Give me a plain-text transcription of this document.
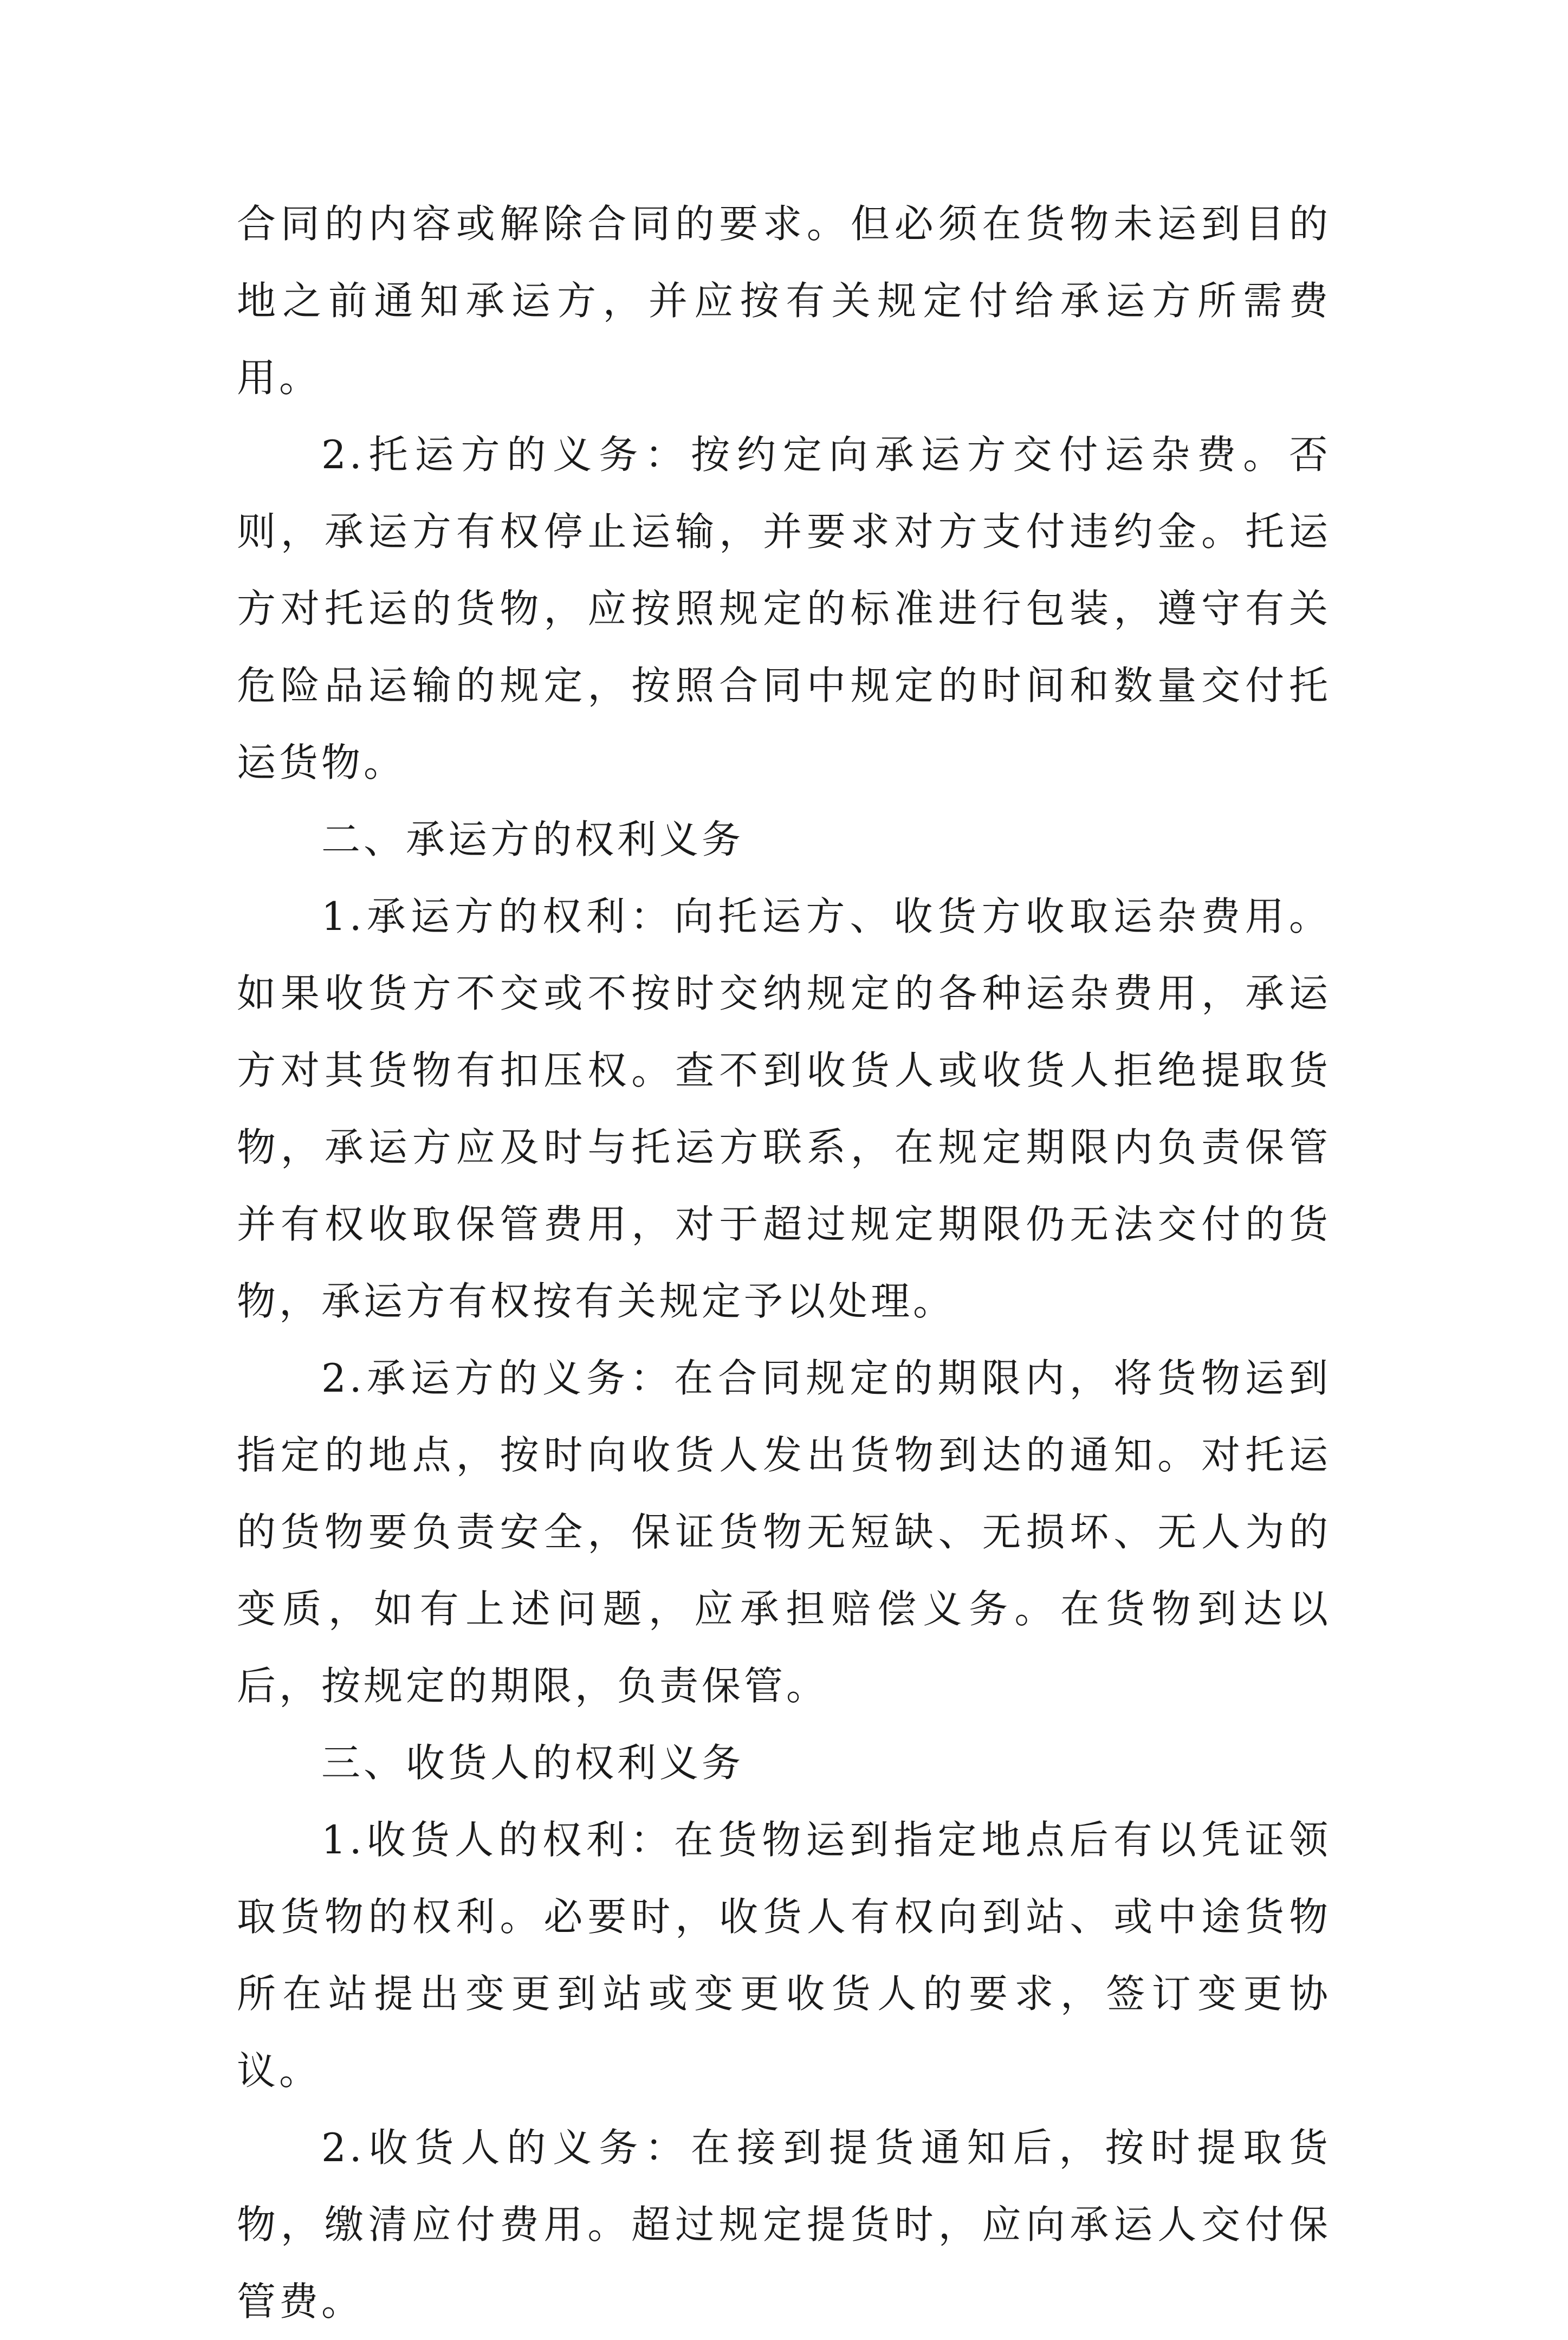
合同的内容或解除合同的要求。但必须在货物未运到目的地之前通知承运方，并应按有关规定付给承运方所需费用。

2.托运方的义务：按约定向承运方交付运杂费。否则，承运方有权停止运输，并要求对方支付违约金。托运方对托运的货物，应按照规定的标准进行包装，遵守有关危险品运输的规定，按照合同中规定的时间和数量交付托运货物。

二、承运方的权利义务

1.承运方的权利：向托运方、收货方收取运杂费用。如果收货方不交或不按时交纳规定的各种运杂费用，承运方对其货物有扣压权。查不到收货人或收货人拒绝提取货物，承运方应及时与托运方联系，在规定期限内负责保管并有权收取保管费用，对于超过规定期限仍无法交付的货物，承运方有权按有关规定予以处理。

2.承运方的义务：在合同规定的期限内，将货物运到指定的地点，按时向收货人发出货物到达的通知。对托运的货物要负责安全，保证货物无短缺、无损坏、无人为的变质，如有上述问题，应承担赔偿义务。在货物到达以后，按规定的期限，负责保管。

三、收货人的权利义务

1.收货人的权利：在货物运到指定地点后有以凭证领取货物的权利。必要时，收货人有权向到站、或中途货物所在站提出变更到站或变更收货人的要求，签订变更协议。

2.收货人的义务：在接到提货通知后，按时提取货物，缴清应付费用。超过规定提货时，应向承运人交付保管费。
